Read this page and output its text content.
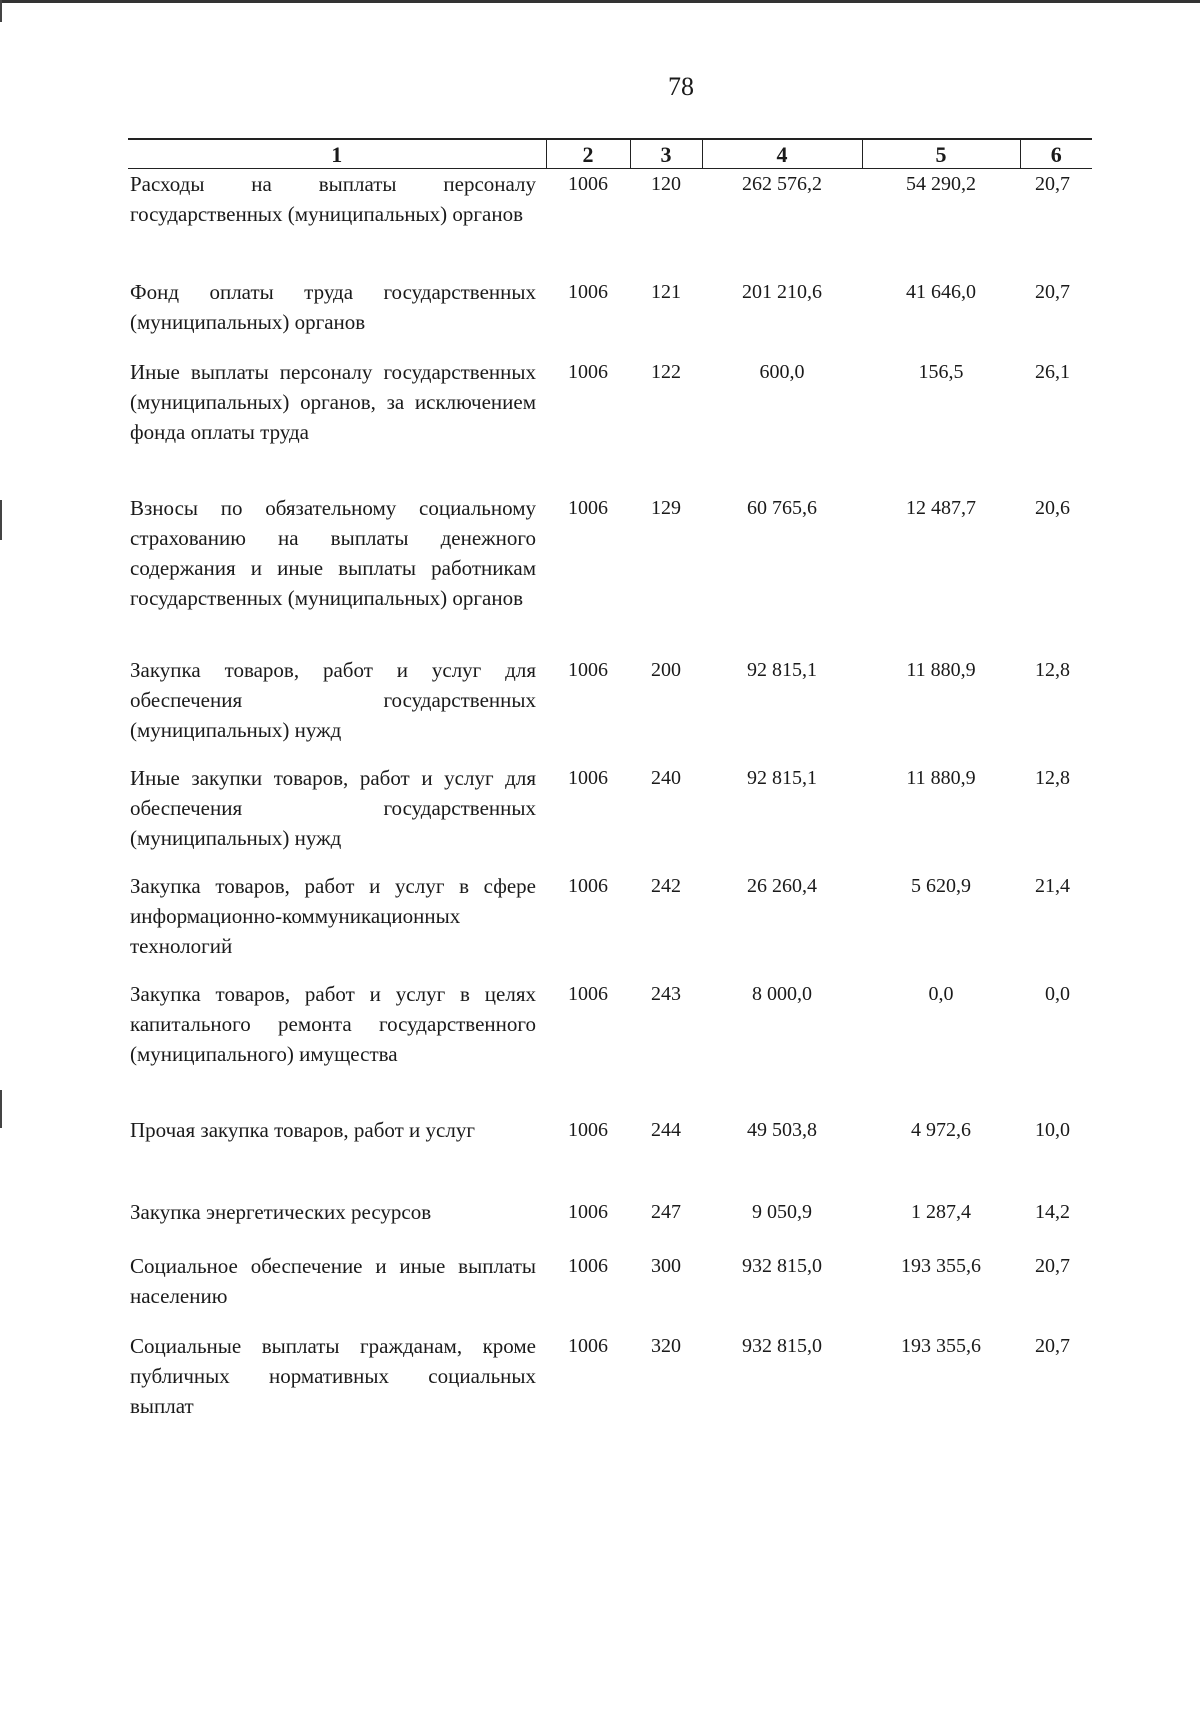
78
1	2	3	4	5	6
Расходы на выплаты персоналу государственных (муниципальных) органов	1006	120	262 576,2	54 290,2	20,7
Фонд оплаты труда государственных (муниципальных) органов	1006	121	201 210,6	41 646,0	20,7
Иные выплаты персоналу государственных (муниципальных) органов, за исключением фонда оплаты труда	1006	122	600,0	156,5	26,1
Взносы по обязательному социальному страхованию на выплаты денежного содержания и иные выплаты работникам государственных (муниципальных) органов	1006	129	60 765,6	12 487,7	20,6
Закупка товаров, работ и услуг для обеспечения государственных (муниципальных) нужд	1006	200	92 815,1	11 880,9	12,8
Иные закупки товаров, работ и услуг для обеспечения государственных (муниципальных) нужд	1006	240	92 815,1	11 880,9	12,8
Закупка товаров, работ и услуг в сфере информационно-коммуникационных технологий	1006	242	26 260,4	5 620,9	21,4
Закупка товаров, работ и услуг в целях капитального ремонта государственного (муниципального) имущества	1006	243	8 000,0	0,0	0,0
Прочая закупка товаров, работ и услуг	1006	244	49 503,8	4 972,6	10,0
Закупка энергетических ресурсов	1006	247	9 050,9	1 287,4	14,2
Социальное обеспечение и иные выплаты населению	1006	300	932 815,0	193 355,6	20,7
Социальные выплаты гражданам, кроме публичных нормативных социальных выплат	1006	320	932 815,0	193 355,6	20,7
